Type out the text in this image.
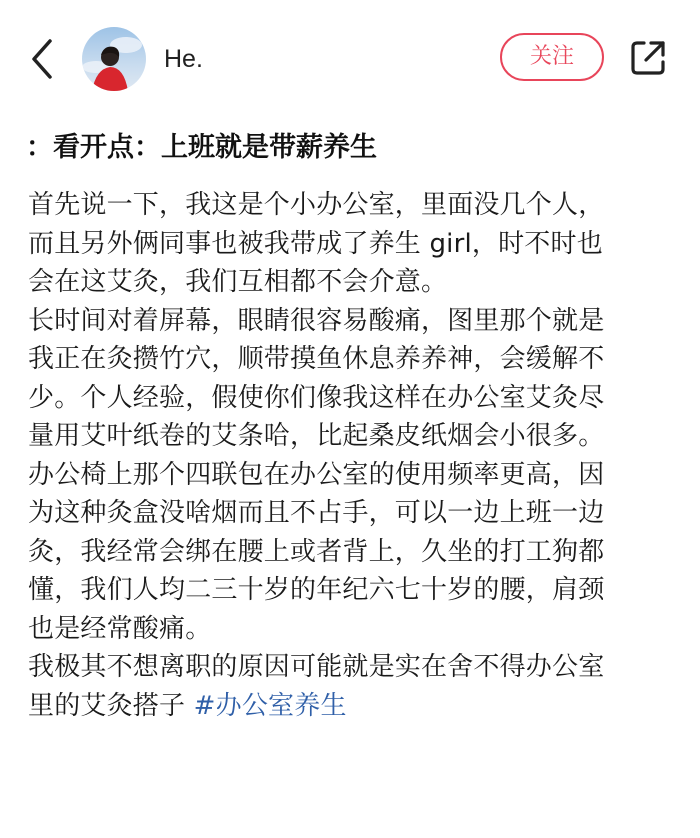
He.	关注
：看开点：上班就是带薪养生
首先说一下，我这是个小办公室，里面没几个人，
而且另外俩同事也被我带成了养生 girl，时不时也
会在这艾灸，我们互相都不会介意。
长时间对着屏幕，眼睛很容易酸痛，图里那个就是
我正在灸攒竹穴，顺带摸鱼休息养养神，会缓解不
少。个人经验，假使你们像我这样在办公室艾灸尽
量用艾叶纸卷的艾条哈，比起桑皮纸烟会小很多。
办公椅上那个四联包在办公室的使用频率更高，因
为这种灸盒没啥烟而且不占手，可以一边上班一边
灸，我经常会绑在腰上或者背上，久坐的打工狗都
懂，我们人均二三十岁的年纪六七十岁的腰，肩颈
也是经常酸痛。
我极其不想离职的原因可能就是实在舍不得办公室
里的艾灸搭子 #办公室养生
